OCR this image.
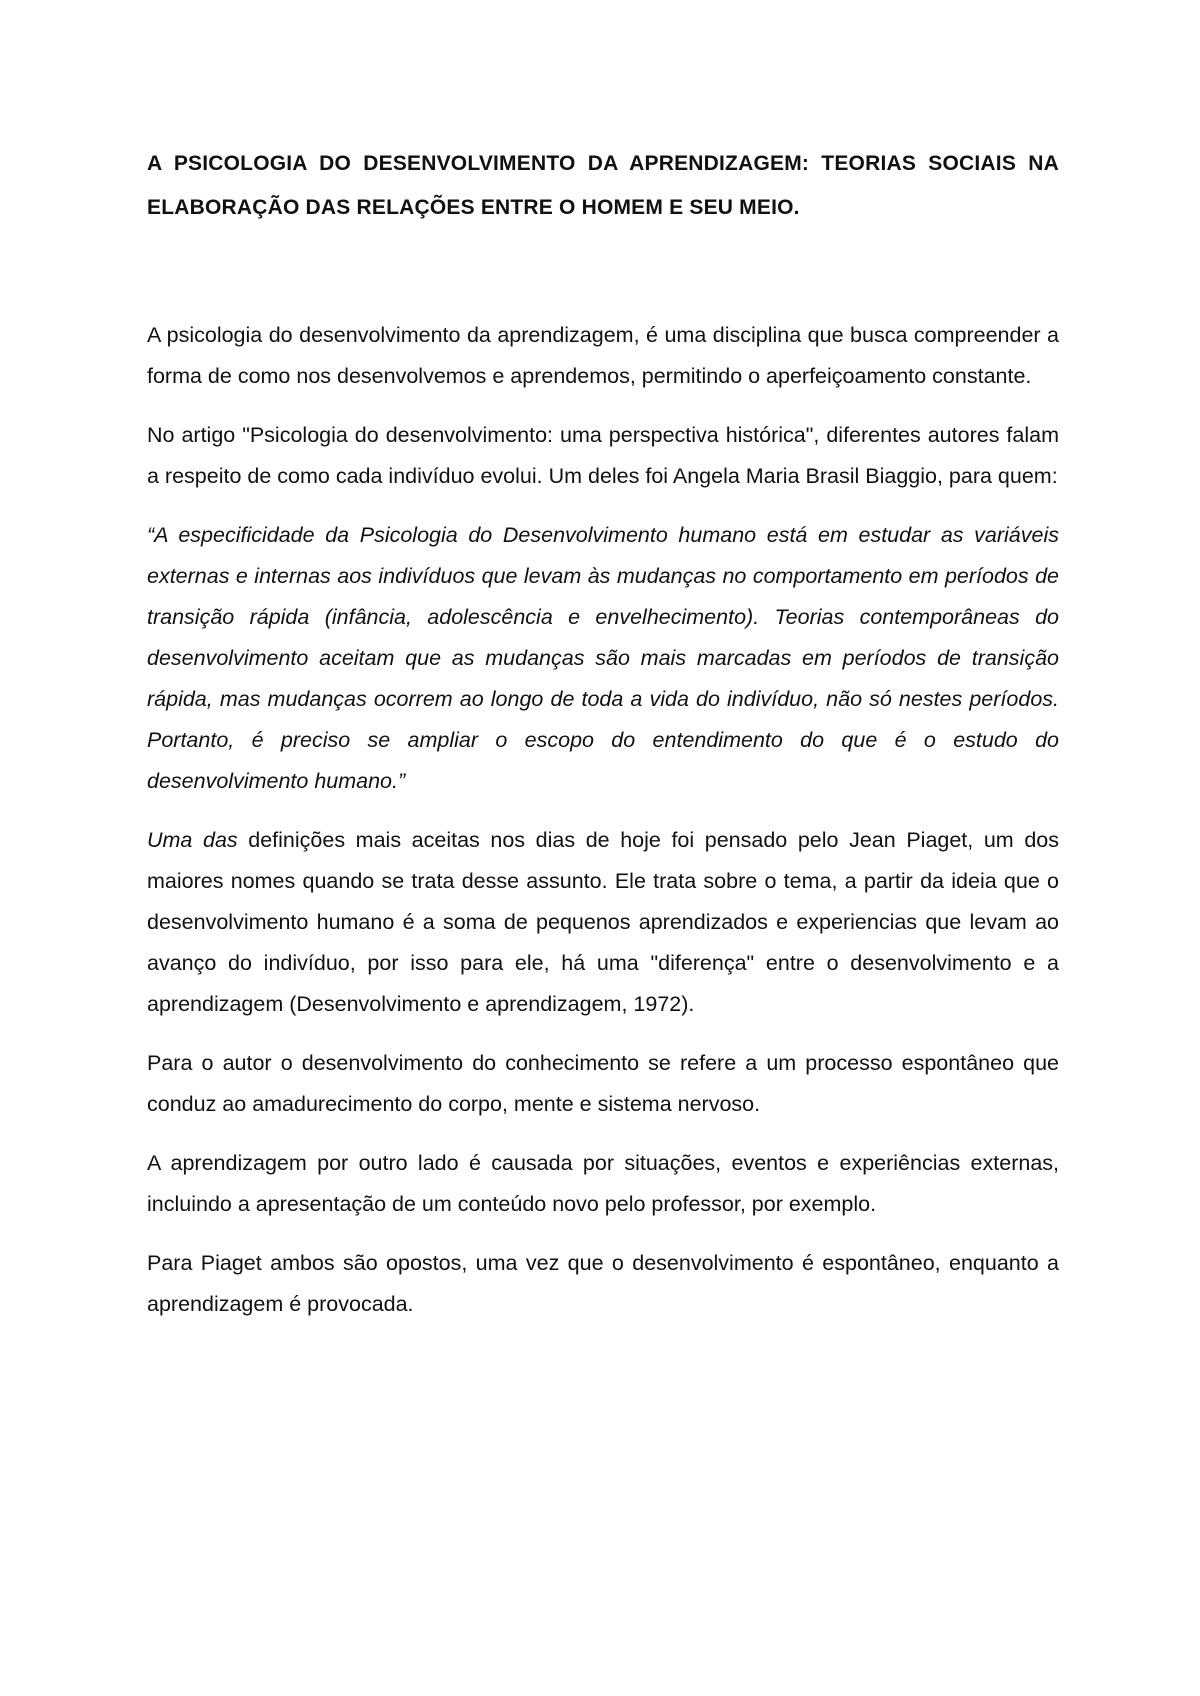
A PSICOLOGIA DO DESENVOLVIMENTO DA APRENDIZAGEM: TEORIAS SOCIAIS NA ELABORAÇÃO DAS RELAÇÕES ENTRE O HOMEM E SEU MEIO.

A psicologia do desenvolvimento da aprendizagem, é uma disciplina que busca compreender a forma de como nos desenvolvemos e aprendemos, permitindo o aperfeiçoamento constante.

No artigo "Psicologia do desenvolvimento: uma perspectiva histórica", diferentes autores falam a respeito de como cada indivíduo evolui. Um deles foi Angela Maria Brasil Biaggio, para quem:

“A especificidade da Psicologia do Desenvolvimento humano está em estudar as variáveis externas e internas aos indivíduos que levam às mudanças no comportamento em períodos de transição rápida (infância, adolescência e envelhecimento). Teorias contemporâneas do desenvolvimento aceitam que as mudanças são mais marcadas em períodos de transição rápida, mas mudanças ocorrem ao longo de toda a vida do indivíduo, não só nestes períodos. Portanto, é preciso se ampliar o escopo do entendimento do que é o estudo do desenvolvimento humano.”

Uma das definições mais aceitas nos dias de hoje foi pensado pelo Jean Piaget, um dos maiores nomes quando se trata desse assunto. Ele trata sobre o tema, a partir da ideia que o desenvolvimento humano é a soma de pequenos aprendizados e experiencias que levam ao avanço do indivíduo, por isso para ele, há uma "diferença" entre o desenvolvimento e a aprendizagem (Desenvolvimento e aprendizagem, 1972).

Para o autor o desenvolvimento do conhecimento se refere a um processo espontâneo que conduz ao amadurecimento do corpo, mente e sistema nervoso.

A aprendizagem por outro lado é causada por situações, eventos e experiências externas, incluindo a apresentação de um conteúdo novo pelo professor, por exemplo.

Para Piaget ambos são opostos, uma vez que o desenvolvimento é espontâneo, enquanto a aprendizagem é provocada.
